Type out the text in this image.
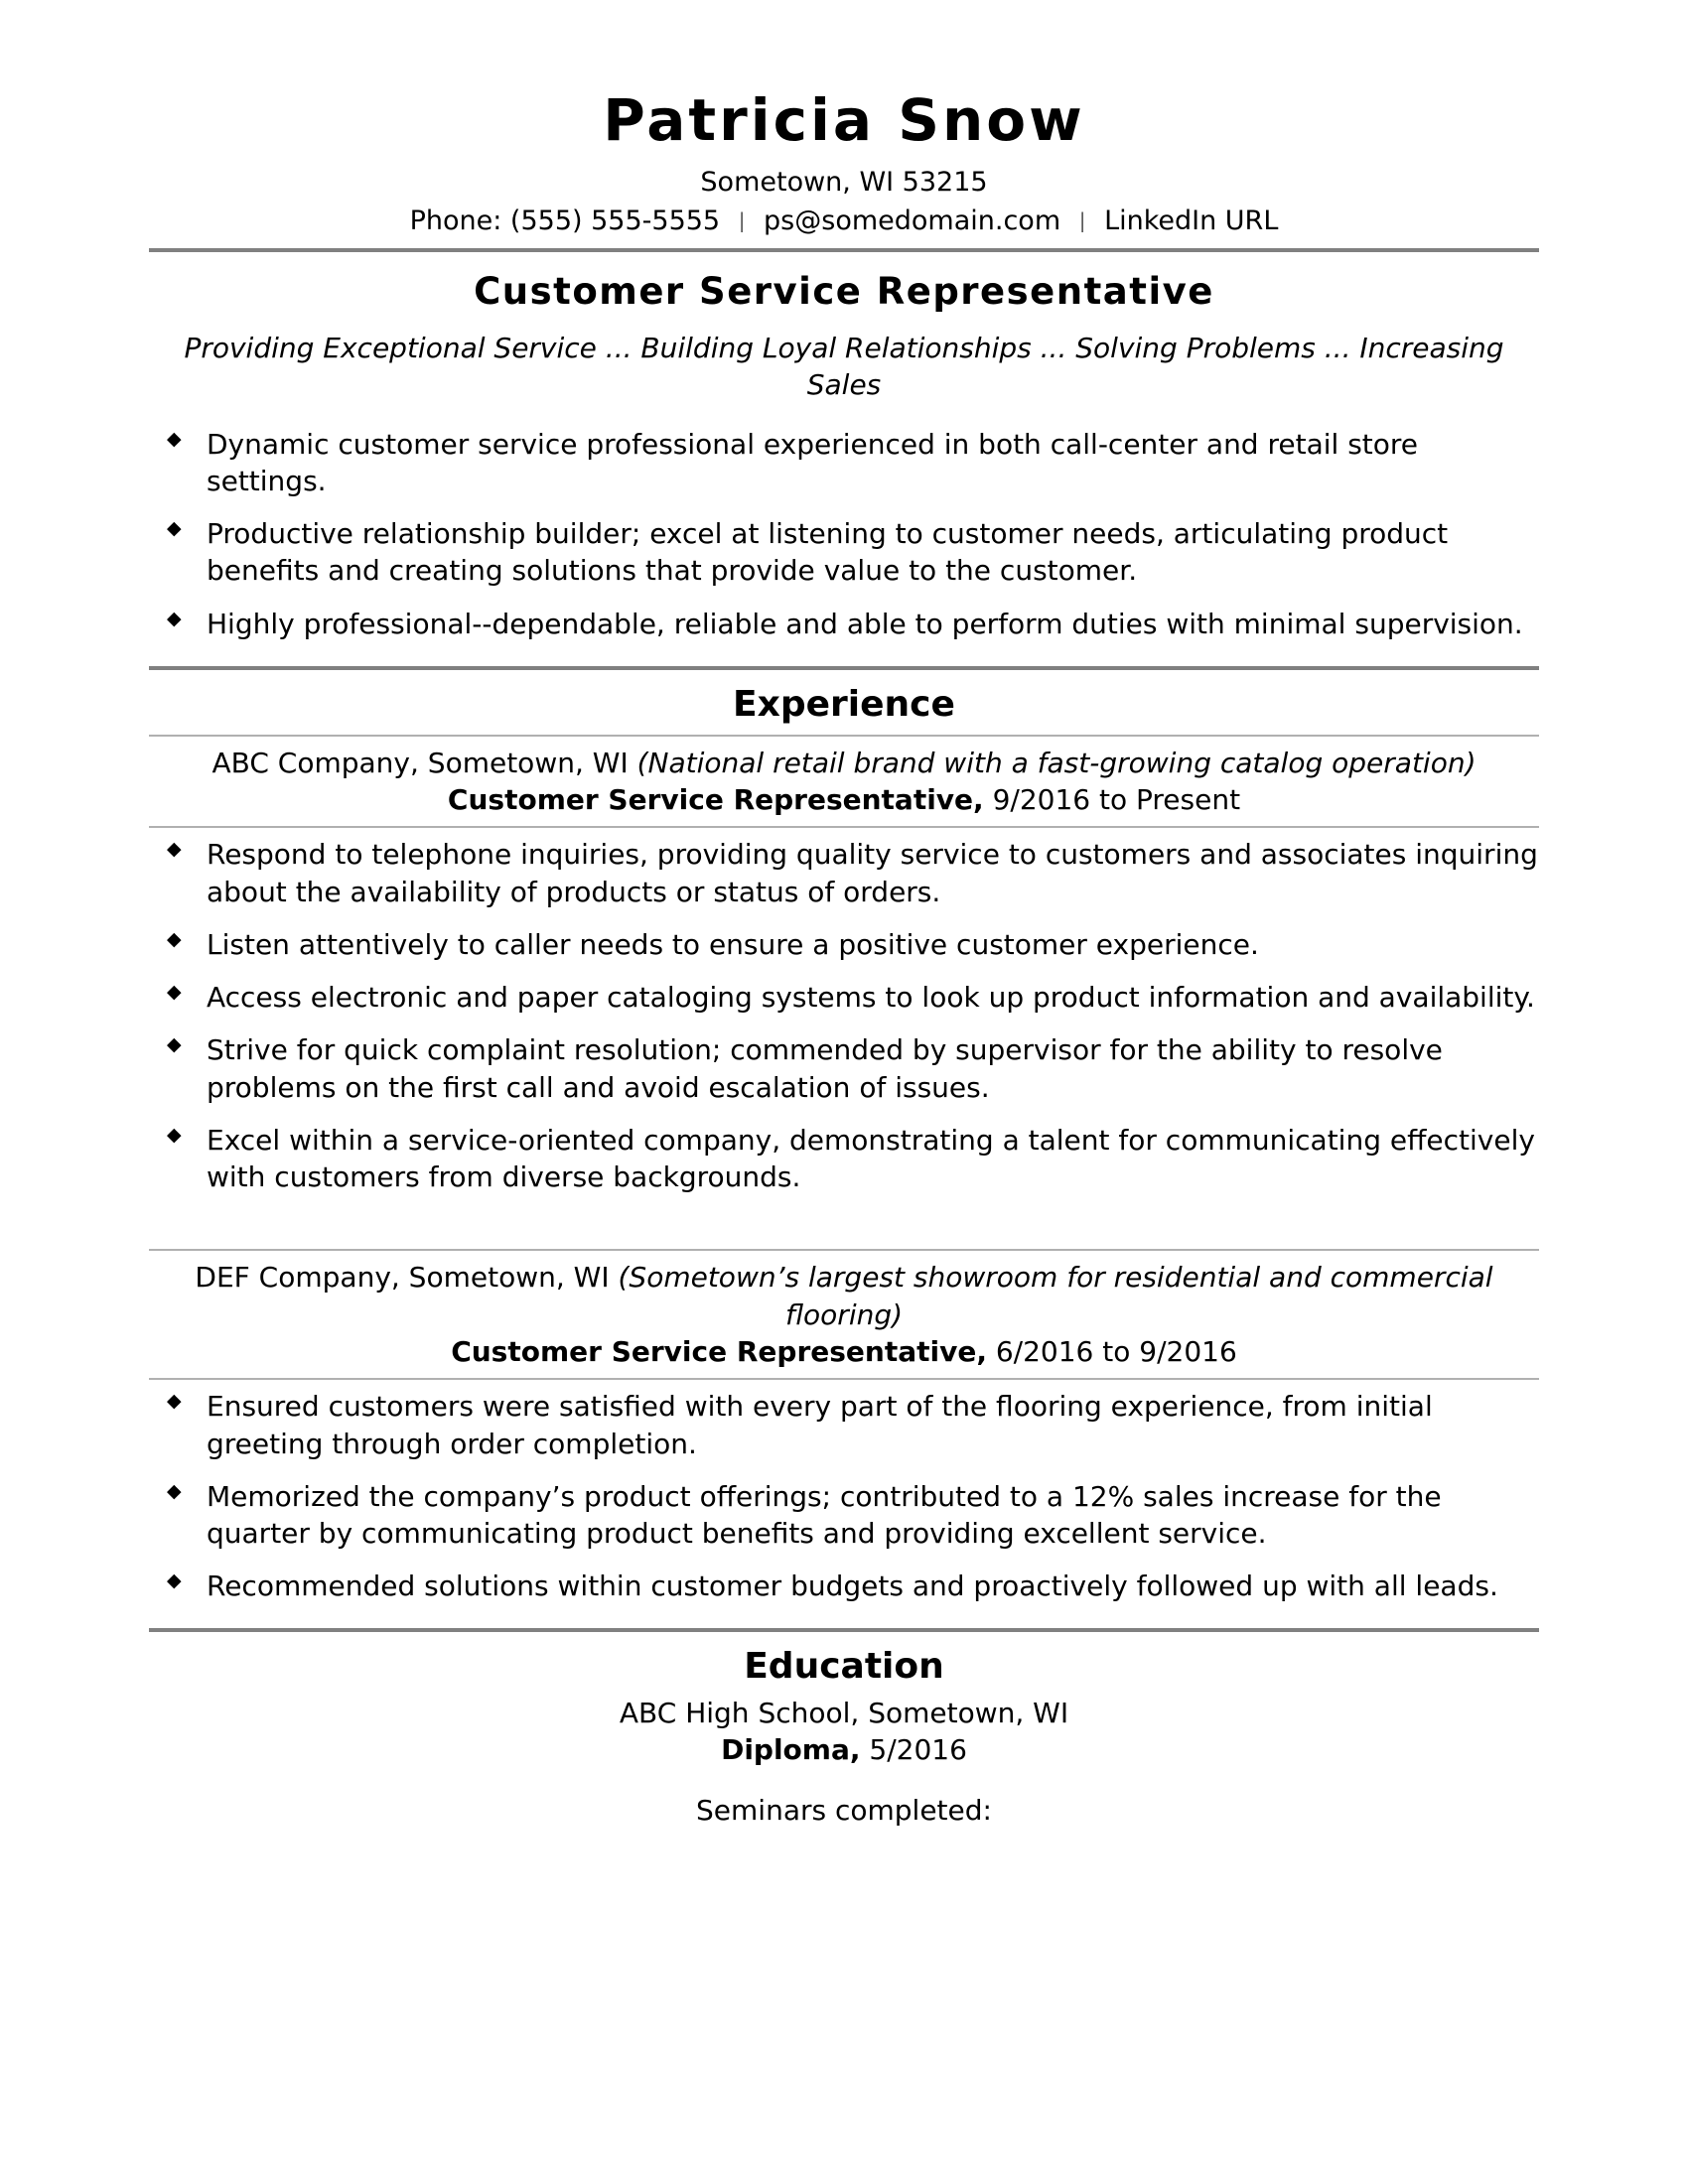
Patricia Snow
Sometown, WI 53215
Phone: (555) 555-5555 | ps@somedomain.com | LinkedIn URL
Customer Service Representative
Providing Exceptional Service ... Building Loyal Relationships ... Solving Problems ... Increasing Sales
◆ Dynamic customer service professional experienced in both call-center and retail store settings.
◆ Productive relationship builder; excel at listening to customer needs, articulating product benefits and creating solutions that provide value to the customer.
◆ Highly professional--dependable, reliable and able to perform duties with minimal supervision.
Experience
ABC Company, Sometown, WI (National retail brand with a fast-growing catalog operation)
Customer Service Representative, 9/2016 to Present
◆ Respond to telephone inquiries, providing quality service to customers and associates inquiring about the availability of products or status of orders.
◆ Listen attentively to caller needs to ensure a positive customer experience.
◆ Access electronic and paper cataloging systems to look up product information and availability.
◆ Strive for quick complaint resolution; commended by supervisor for the ability to resolve problems on the first call and avoid escalation of issues.
◆ Excel within a service-oriented company, demonstrating a talent for communicating effectively with customers from diverse backgrounds.
DEF Company, Sometown, WI (Sometown’s largest showroom for residential and commercial flooring)
Customer Service Representative, 6/2016 to 9/2016
◆ Ensured customers were satisfied with every part of the flooring experience, from initial greeting through order completion.
◆ Memorized the company’s product offerings; contributed to a 12% sales increase for the quarter by communicating product benefits and providing excellent service.
◆ Recommended solutions within customer budgets and proactively followed up with all leads.
Education
ABC High School, Sometown, WI
Diploma, 5/2016
Seminars completed:
